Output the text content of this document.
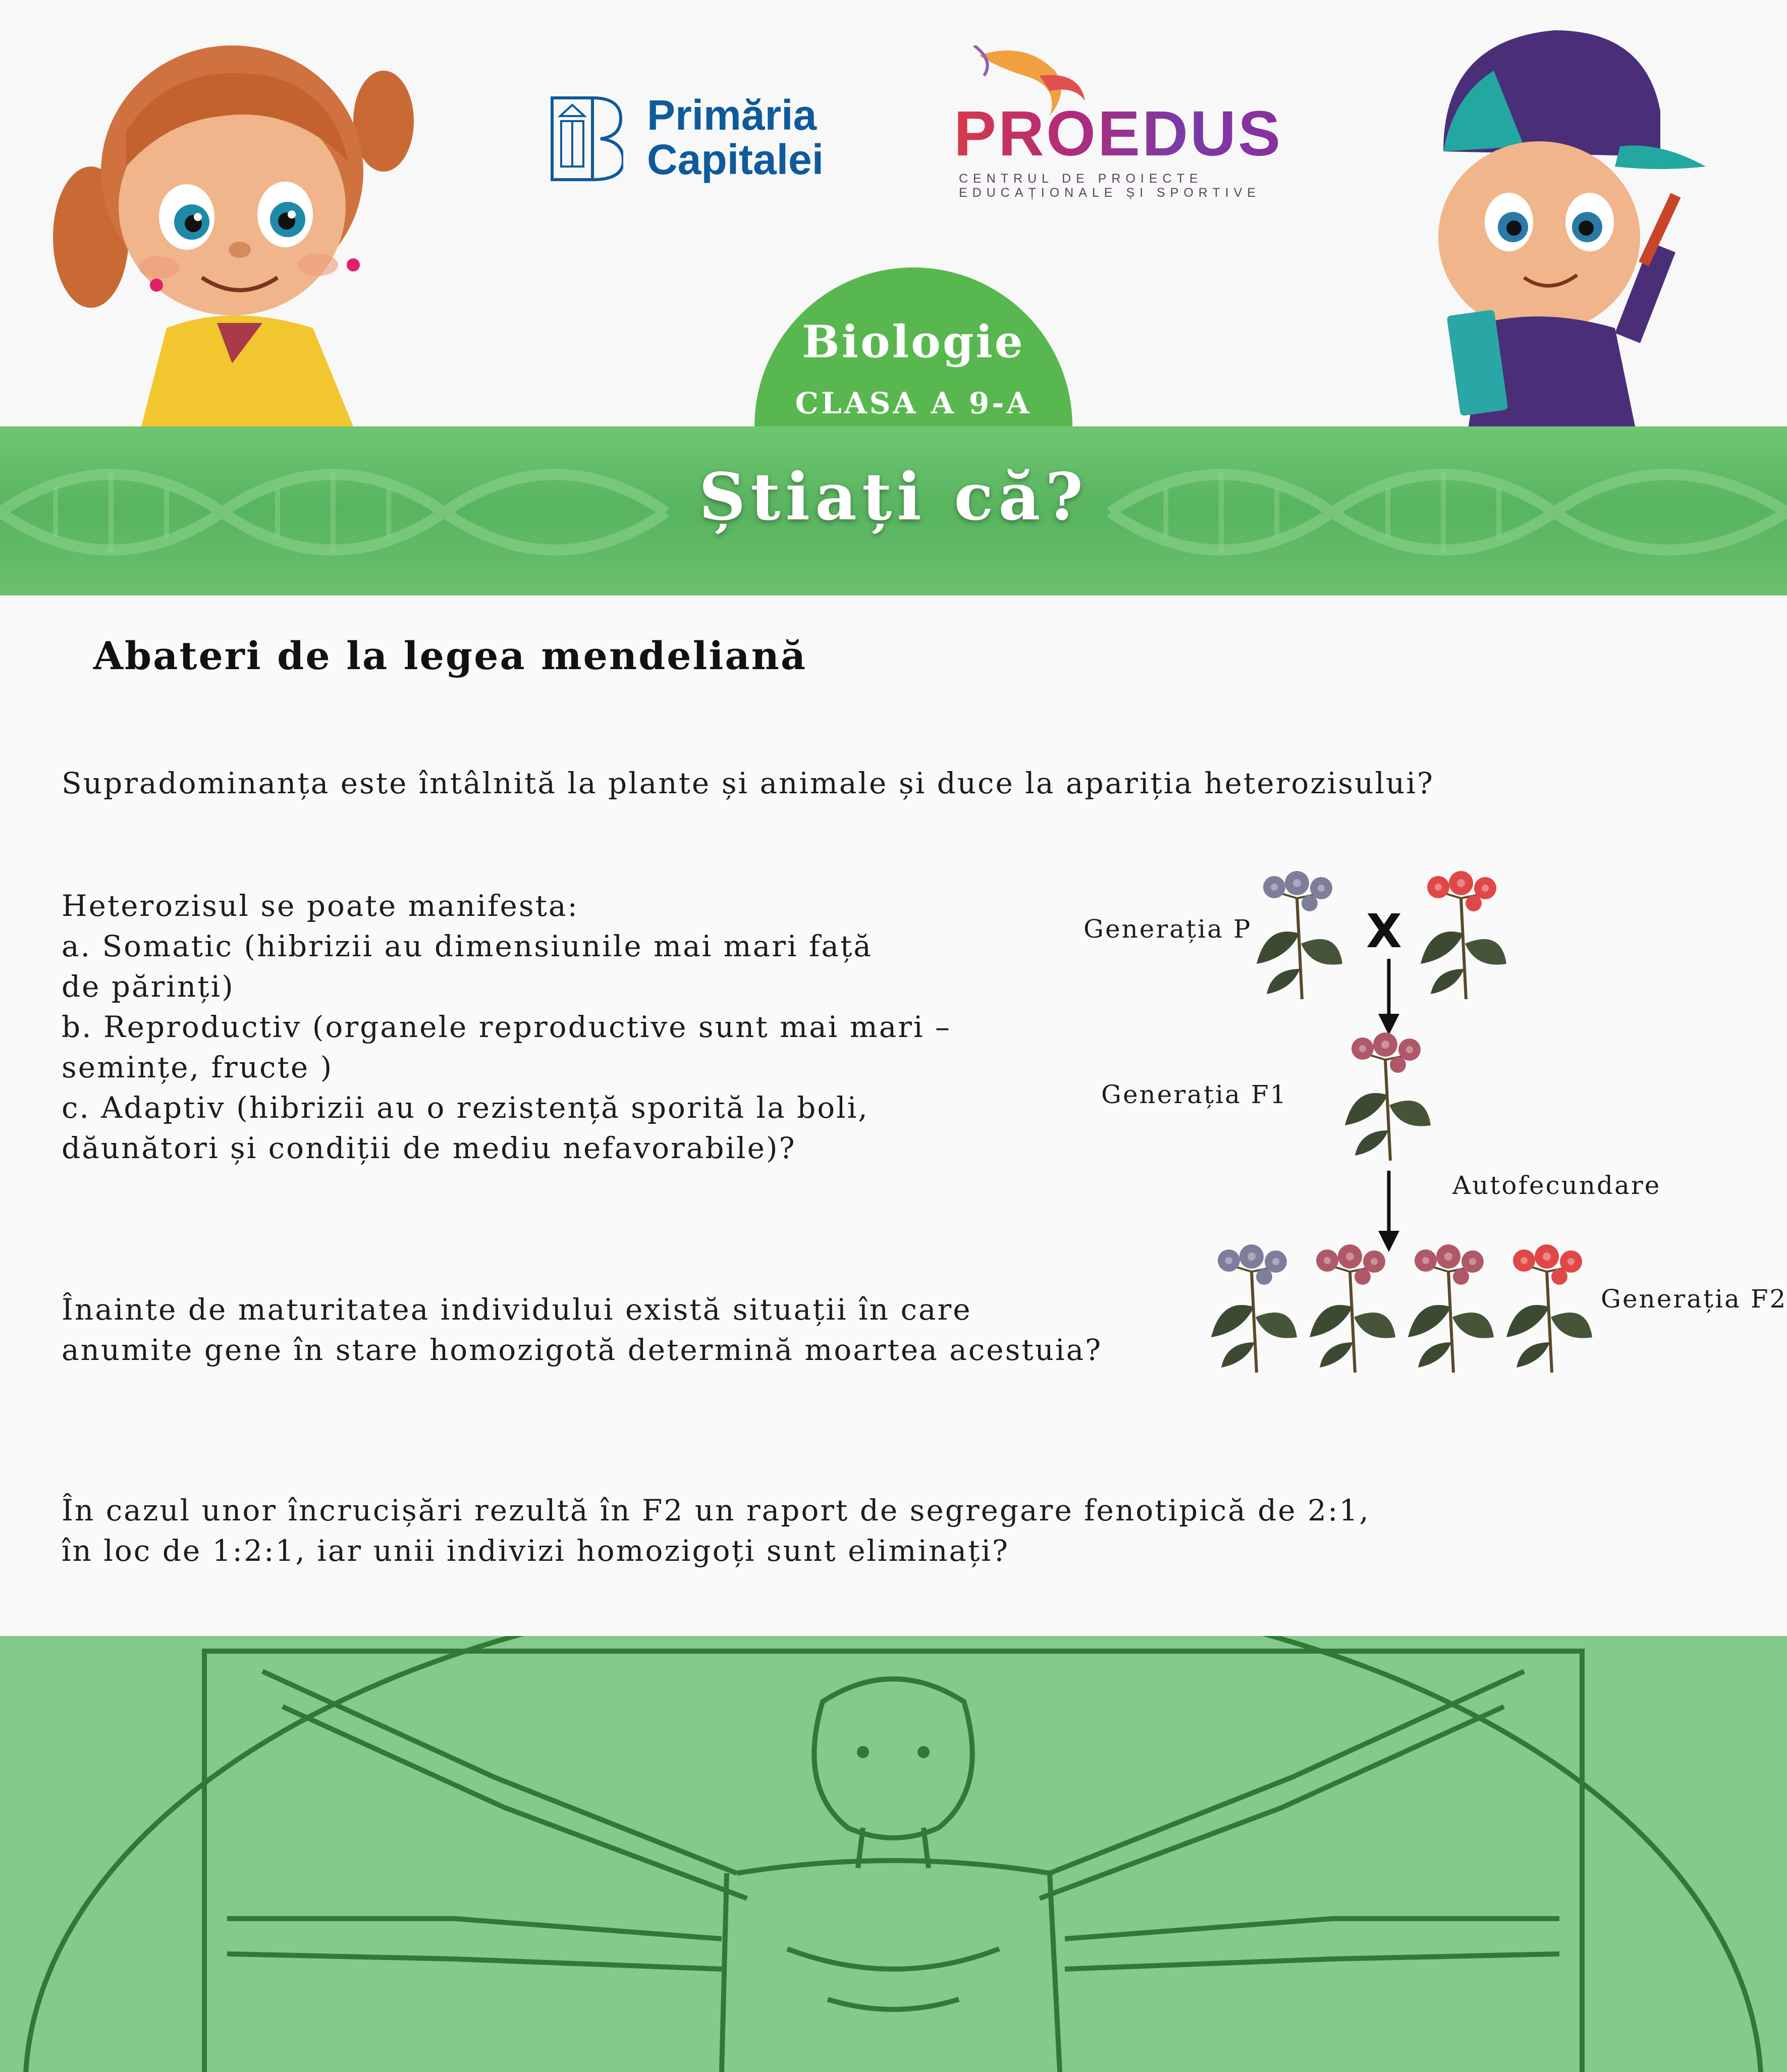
Primăria
Capitalei PROEDUS
CENTRUL DE PROIECTE
EDUCAȚIONALE ȘI SPORTIVE
Biologie
CLASA A 9-A
Știați că?
Abateri de la legea mendeliană
Supradominanța este întâlnită la plante și animale și duce la apariția heterozisului?
Heterozisul se poate manifesta:
a. Somatic (hibrizii au dimensiunile mai mari față
de părinți)
b. Reproductiv (organele reproductive sunt mai mari –
semințe, fructe )
c. Adaptiv (hibrizii au o rezistență sporită la boli,
dăunători și condiții de mediu nefavorabile)?
Înainte de maturitatea individului există situații în care
anumite gene în stare homozigotă determină moartea acestuia?
În cazul unor încrucișări rezultă în F2 un raport de segregare fenotipică de 2:1,
în loc de 1:2:1, iar unii indivizi homozigoți sunt eliminați?
Generația P X
Generația F1
Autofecundare
Generația F2
